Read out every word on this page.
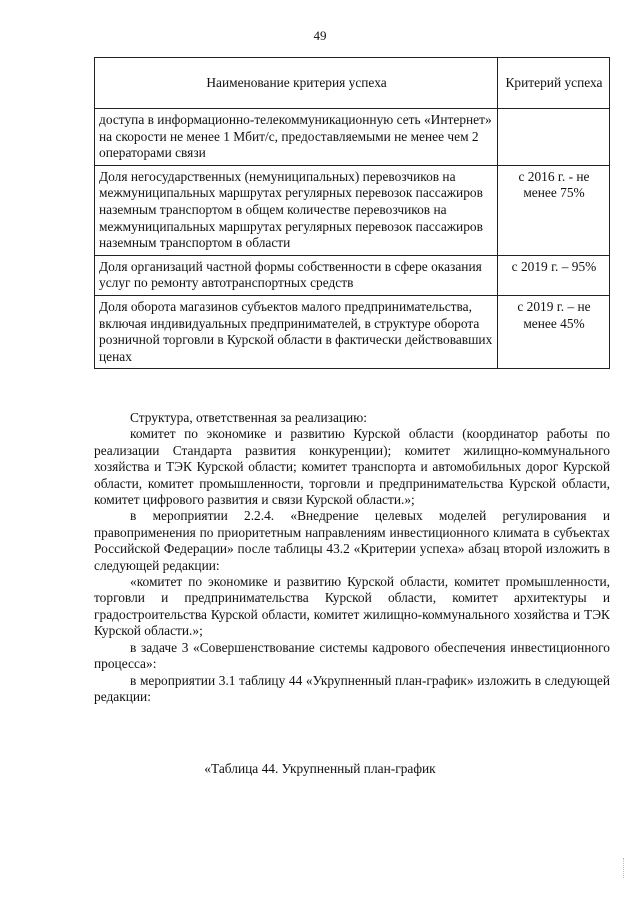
49
Наименование критерия успеха	Критерий успеха
доступа в информационно-телекоммуникационную сеть «Интернет» на скорости не менее 1 Мбит/с, предоставляемыми не менее чем 2 операторами связи	
Доля негосударственных (немуниципальных) перевозчиков на межмуниципальных маршрутах регулярных перевозок пассажиров наземным транспортом в общем количестве перевозчиков на межмуниципальных маршрутах регулярных перевозок пассажиров наземным транспортом в области	с 2016 г. - не менее 75%
Доля организаций частной формы собственности в сфере оказания услуг по ремонту автотранспортных средств	с 2019 г. – 95%
Доля оборота магазинов субъектов малого предпринимательства, включая индивидуальных предпринимателей, в структуре оборота розничной торговли в Курской области в фактически действовавших ценах	с 2019 г. – не менее 45%

Структура, ответственная за реализацию:

комитет по экономике и развитию Курской области (координатор работы по реализации Стандарта развития конкуренции); комитет жилищно-коммунального хозяйства и ТЭК Курской области; комитет транспорта и автомобильных дорог Курской области, комитет промышленности, торговли и предпринимательства Курской области, комитет цифрового развития и связи Курской области.»;

в мероприятии 2.2.4. «Внедрение целевых моделей регулирования и правоприменения по приоритетным направлениям инвестиционного климата в субъектах Российской Федерации» после таблицы 43.2 «Критерии успеха» абзац второй изложить в следующей редакции:

«комитет по экономике и развитию Курской области, комитет промышленности, торговли и предпринимательства Курской области, комитет архитектуры и градостроительства Курской области, комитет жилищно-коммунального хозяйства и ТЭК Курской области.»;

в задаче 3 «Совершенствование системы кадрового обеспечения инвестиционного процесса»:

в мероприятии 3.1 таблицу 44 «Укрупненный план-график» изложить в следующей редакции:

«Таблица 44. Укрупненный план-график
